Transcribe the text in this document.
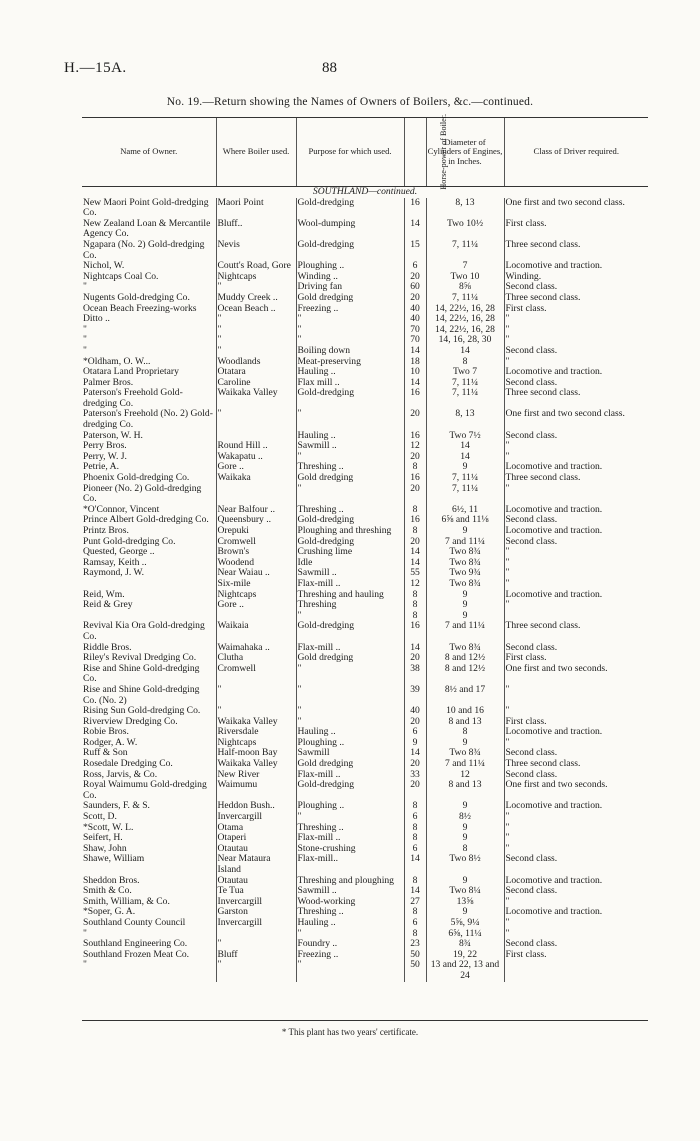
H.—15A.	88
No. 19.—Return showing the Names of Owners of Boilers, &c.—continued.
Name of Owner.	Where Boiler used.	Purpose for which used.	Horse-power of Boiler.	Diameter of Cylinders of Engines, in Inches.	Class of Driver required.
SOUTHLAND—continued.					
New Maori Point Gold-dredging Co.	Maori Point	Gold-dredging	16	8, 13	One first and two second class.
New Zealand Loan & Mercantile Agency Co.	Bluff..	Wool-dumping	14	Two 10½	First class.
Ngapara (No. 2) Gold-dredging Co.	Nevis	Gold-dredging	15	7, 11¼	Three second class.
Nichol, W.	Coutt's Road, Gore	Ploughing ..	6	7	Locomotive and traction.
Nightcaps Coal Co.	Nightcaps	Winding ..	20	Two 10	Winding.
"	"	Driving fan	60	8⅝	Second class.
Nugents Gold-dredging Co.	Muddy Creek ..	Gold dredging	20	7, 11¼	Three second class.
Ocean Beach Freezing-works	Ocean Beach ..	Freezing ..	40	14, 22½, 16, 28	First class.
Ditto ..	"	"	40	14, 22½, 16, 28	"
"	"	"	70	14, 22½, 16, 28	"
"	"	"	70	14, 16, 28, 30	"
"	"	Boiling down	14	14	Second class.
*Oldham, O. W...	Woodlands	Meat-preserving	18	8	"
Otatara Land Proprietary	Otatara	Hauling ..	10	Two 7	Locomotive and traction.
Palmer Bros.	Caroline	Flax mill ..	14	7, 11¼	Second class.
Paterson's Freehold Gold-dredging Co.	Waikaka Valley	Gold-dredging	16	7, 11¼	Three second class.
Paterson's Freehold (No. 2) Gold-dredging Co.	"	"	20	8, 13	One first and two second class.
Paterson, W. H.		Hauling ..	16	Two 7½	Second class.
Perry Bros.	Round Hill ..	Sawmill ..	12	14	"
Perry, W. J.	Wakapatu ..	"	20	14	"
Petrie, A.	Gore ..	Threshing ..	8	9	Locomotive and traction.
Phoenix Gold-dredging Co.	Waikaka	Gold dredging	16	7, 11¼	Three second class.
Pioneer (No. 2) Gold-dredging Co.		"	20	7, 11¼	"
*O'Connor, Vincent	Near Balfour ..	Threshing ..	8	6½, 11	Locomotive and traction.
Prince Albert Gold-dredging Co.	Queensbury ..	Gold-dredging	16	6⅝ and 11⅛	Second class.
Printz Bros.	Orepuki	Ploughing and threshing	8	9	Locomotive and traction.
Punt Gold-dredging Co.	Cromwell	Gold-dredging	20	7 and 11¼	Second class.
Quested, George ..	Brown's	Crushing lime	14	Two 8¾	"
Ramsay, Keith ..	Woodend	Idle	14	Two 8¾	"
Raymond, J. W.	Near Waiau ..	Sawmill ..	55	Two 9¾	"
	Six-mile	Flax-mill ..	12	Two 8¾	"
Reid, Wm.	Nightcaps	Threshing and hauling	8	9	Locomotive and traction.
Reid & Grey	Gore ..	Threshing	8	9	"
		"	8	9	
Revival Kia Ora Gold-dredging Co.	Waikaia	Gold-dredging	16	7 and 11¼	Three second class.
Riddle Bros.	Waimahaka ..	Flax-mill ..	14	Two 8¾	Second class.
Riley's Revival Dredging Co.	Clutha	Gold dredging	20	8 and 12½	First class.
Rise and Shine Gold-dredging Co.	Cromwell	"	38	8 and 12½	One first and two seconds.
Rise and Shine Gold-dredging Co. (No. 2)	"	"	39	8½ and 17	"
Rising Sun Gold-dredging Co.	"	"	40	10 and 16	"
Riverview Dredging Co.	Waikaka Valley	"	20	8 and 13	First class.
Robie Bros.	Riversdale	Hauling ..	6	8	Locomotive and traction.
Rodger, A. W.	Nightcaps	Ploughing ..	9	9	"
Ruff & Son	Half-moon Bay	Sawmill	14	Two 8¾	Second class.
Rosedale Dredging Co.	Waikaka Valley	Gold dredging	20	7 and 11¼	Three second class.
Ross, Jarvis, & Co.	New River	Flax-mill ..	33	12	Second class.
Royal Waimumu Gold-dredging Co.	Waimumu	Gold-dredging	20	8 and 13	One first and two seconds.
Saunders, F. & S.	Heddon Bush..	Ploughing ..	8	9	Locomotive and traction.
Scott, D.	Invercargill	"	6	8½	"
*Scott, W. L.	Otama	Threshing ..	8	9	"
Seifert, H.	Otaperi	Flax-mill ..	8	9	"
Shaw, John	Otautau	Stone-crushing	6	8	"
Shawe, William	Near Mataura Island	Flax-mill..	14	Two 8½	Second class.
Sheddon Bros.	Otautau	Threshing and ploughing	8	9	Locomotive and traction.
Smith & Co.	Te Tua	Sawmill ..	14	Two 8¼	Second class.
Smith, William, & Co.	Invercargill	Wood-working	27	13⅝	"
*Soper, G. A.	Garston	Threshing ..	8	9	Locomotive and traction.
Southland County Council	Invercargill	Hauling ..	6	5⅝, 9¼	"
"		"	8	6⅝, 11¼	"
Southland Engineering Co.	"	Foundry ..	23	8¾	Second class.
Southland Frozen Meat Co.	Bluff	Freezing ..	50	19, 22	First class.
"	"	"	50	13 and 22, 13 and 24	
* This plant has two years' certificate.
